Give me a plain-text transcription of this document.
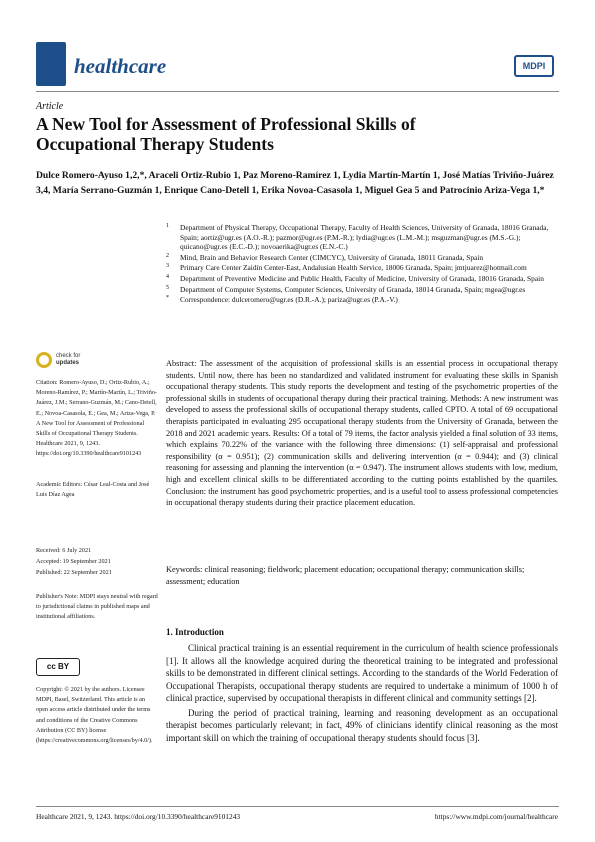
healthcare	MDPI
Article
A New Tool for Assessment of Professional Skills of Occupational Therapy Students
Dulce Romero-Ayuso 1,2,*, Araceli Ortiz-Rubio 1, Paz Moreno-Ramírez 1, Lydia Martín-Martín 1, José Matías Triviño-Juárez 3,4, María Serrano-Guzmán 1, Enrique Cano-Detell 1, Erika Novoa-Casasola 1, Miguel Gea 5 and Patrocinio Ariza-Vega 1,*
1 Department of Physical Therapy, Occupational Therapy, Faculty of Health Sciences, University of Granada, 18016 Granada, Spain; aortiz@ugr.es (A.O.-R.); pazmor@ugr.es (P.M.-R.); lydia@ugr.es (L.M.-M.); msguzman@ugr.es (M.S.-G.); quicano@ugr.es (E.C.-D.); novoaerika@ugr.es (E.N.-C.)
2 Mind, Brain and Behavior Research Center (CIMCYC), University of Granada, 18011 Granada, Spain
3 Primary Care Center Zaidín Center-East, Andalusian Health Service, 18006 Granada, Spain; jmtjuarez@hotmail.com
4 Department of Preventive Medicine and Public Health, Faculty of Medicine, University of Granada, 18016 Granada, Spain
5 Department of Computer Systems, Computer Sciences, University of Granada, 18014 Granada, Spain; mgea@ugr.es
* Correspondence: dulceromero@ugr.es (D.R.-A.); pariza@ugr.es (P.A.-V.)
check for
updates
Citation: Romero-Ayuso, D.; Ortiz-Rubio, A.; Moreno-Ramírez, P.; Martín-Martín, L.; Triviño-Juárez, J.M.; Serrano-Guzmán, M.; Cano-Detell, E.; Novoa-Casasola, E.; Gea, M.; Ariza-Vega, P. A New Tool for Assessment of Professional Skills of Occupational Therapy Students. Healthcare 2021, 9, 1243. https://doi.org/10.3390/healthcare9101243
Academic Editors: César Leal-Costa and José Luis Díaz Agea
Received: 6 July 2021
Accepted: 19 September 2021
Published: 22 September 2021
Publisher's Note: MDPI stays neutral with regard to jurisdictional claims in published maps and institutional affiliations.
cc BY
Copyright: © 2021 by the authors. Licensee MDPI, Basel, Switzerland. This article is an open access article distributed under the terms and conditions of the Creative Commons Attribution (CC BY) license (https://creativecommons.org/licenses/by/4.0/).
Abstract: The assessment of the acquisition of professional skills is an essential process in occupational therapy students. Until now, there has been no standardized and validated instrument for evaluating these skills in Spanish occupational therapy students. This study reports the development and testing of the psychometric properties of the professional skills in students of occupational therapy during their practical training. Methods: A new instrument was developed to assess the professional skills of occupational therapy students, called CPTO. A total of 69 occupational therapists participated in evaluating 295 occupational therapy students from the University of Granada, between the 2018 and 2021 academic years. Results: Of a total of 79 items, the factor analysis yielded a final solution of 33 items, which explains 70.22% of the variance with the following three dimensions: (1) self-appraisal and professional responsibility (α = 0.951); (2) communication skills and delivering intervention (α = 0.944); and (3) clinical reasoning for assessing and planning the intervention (α = 0.947). The instrument allows students with low, medium, high and excellent clinical skills to be differentiated according to the cutting points established by the quartiles. Conclusion: the instrument has good psychometric properties, and is a useful tool to assess professional competencies in occupational therapy students during their practice placement education.
Keywords: clinical reasoning; fieldwork; placement education; occupational therapy; communication skills; assessment; education
1. Introduction

Clinical practical training is an essential requirement in the curriculum of health science professionals [1]. It allows all the knowledge acquired during the theoretical training to be integrated and professional skills to be demonstrated in different clinical settings. According to the standards of the World Federation of Occupational Therapists, occupational therapy students are required to undertake a minimum of 1000 h of clinical practice, supervised by occupational therapists in different clinical and community settings [2].

During the period of practical training, learning and reasoning development as an occupational therapist becomes particularly relevant; in fact, 49% of clinicians identify clinical reasoning as the most important skill on which the training of occupational therapy students should focus [3].

Healthcare 2021, 9, 1243. https://doi.org/10.3390/healthcare9101243	https://www.mdpi.com/journal/healthcare
